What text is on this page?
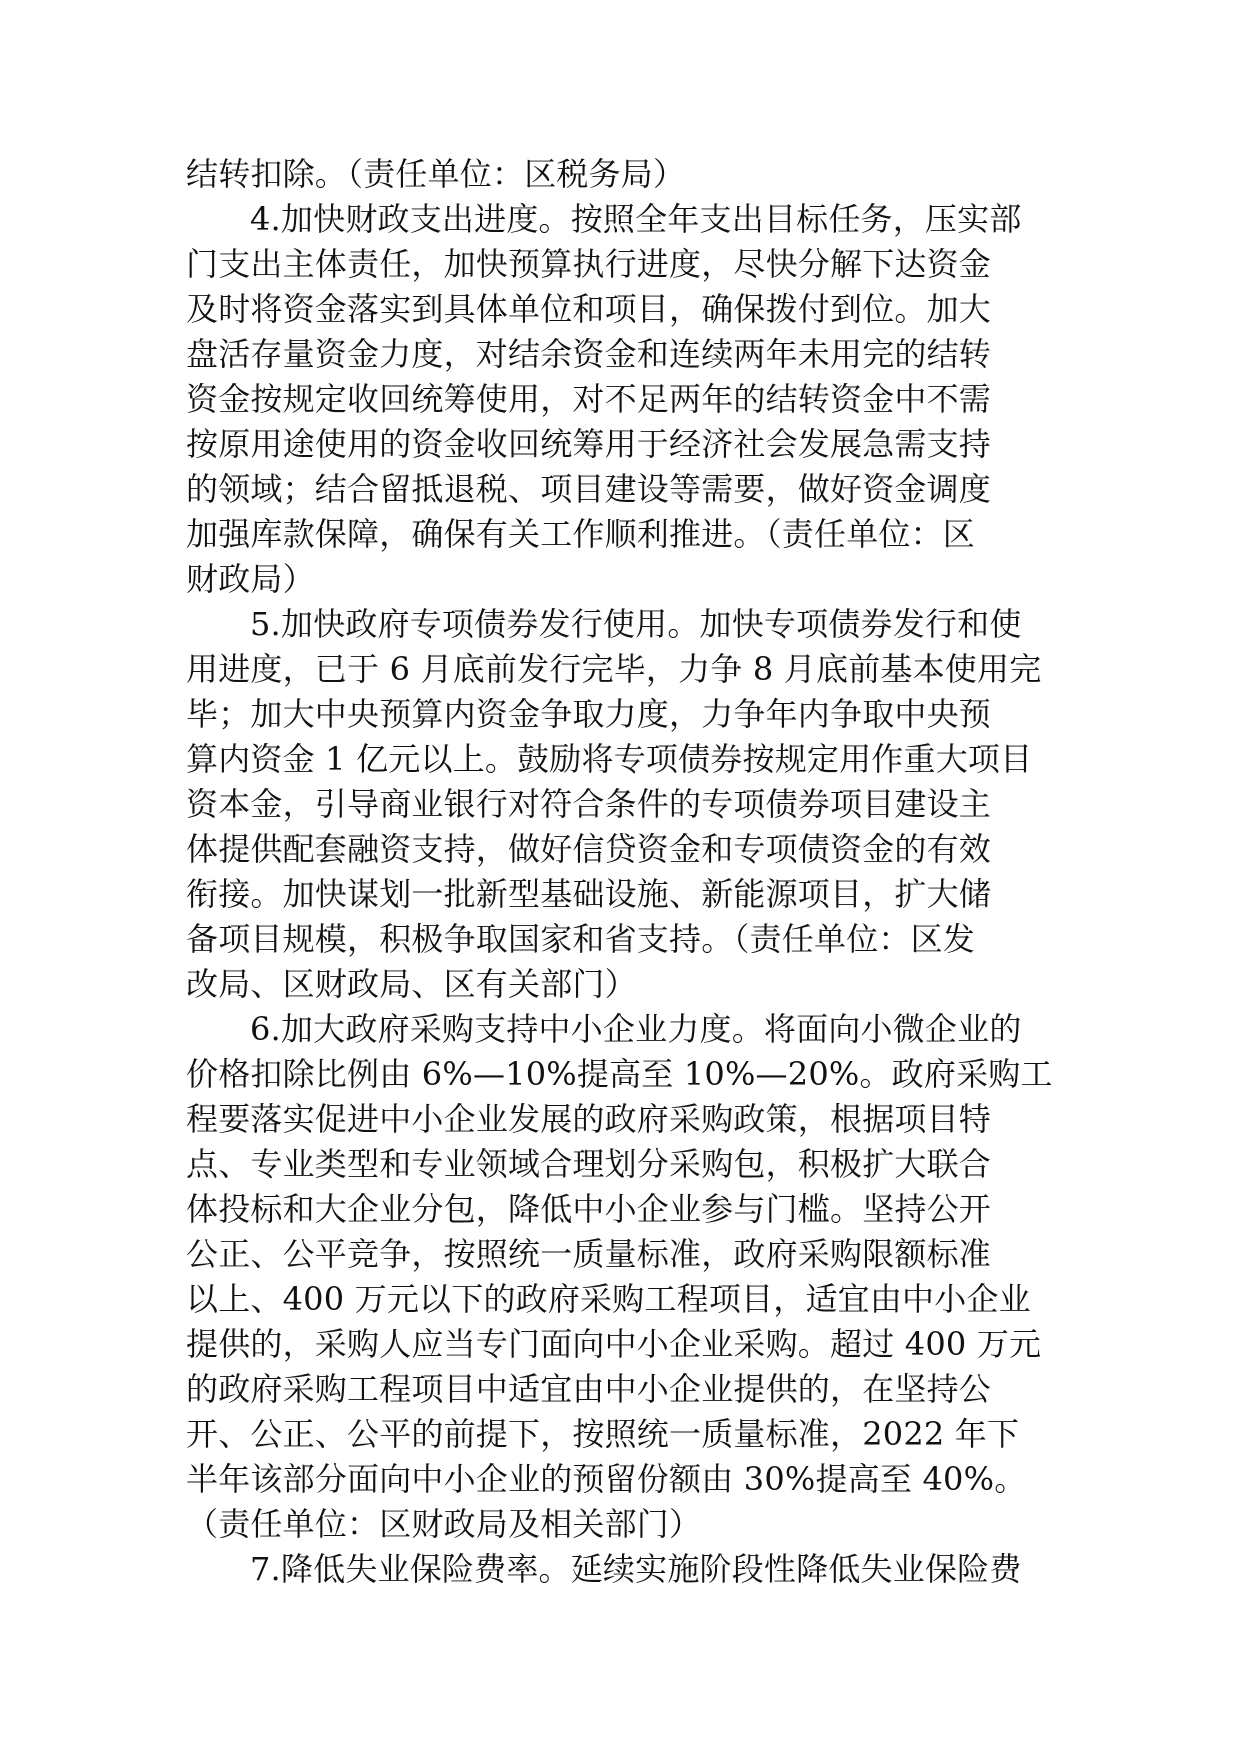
结转扣除。（责任单位：区税务局）
4.加快财政支出进度。按照全年支出目标任务，压实部
门支出主体责任，加快预算执行进度，尽快分解下达资金
及时将资金落实到具体单位和项目，确保拨付到位。加大
盘活存量资金力度，对结余资金和连续两年未用完的结转
资金按规定收回统筹使用，对不足两年的结转资金中不需
按原用途使用的资金收回统筹用于经济社会发展急需支持
的领域；结合留抵退税、项目建设等需要，做好资金调度
加强库款保障，确保有关工作顺利推进。（责任单位：区
财政局）
5.加快政府专项债券发行使用。加快专项债券发行和使
用进度，已于 6 月底前发行完毕，力争 8 月底前基本使用完
毕；加大中央预算内资金争取力度，力争年内争取中央预
算内资金 1 亿元以上。鼓励将专项债券按规定用作重大项目
资本金，引导商业银行对符合条件的专项债券项目建设主
体提供配套融资支持，做好信贷资金和专项债资金的有效
衔接。加快谋划一批新型基础设施、新能源项目，扩大储
备项目规模，积极争取国家和省支持。（责任单位：区发
改局、区财政局、区有关部门）
6.加大政府采购支持中小企业力度。将面向小微企业的
价格扣除比例由 6%—10%提高至 10%—20%。政府采购工
程要落实促进中小企业发展的政府采购政策，根据项目特
点、专业类型和专业领域合理划分采购包，积极扩大联合
体投标和大企业分包，降低中小企业参与门槛。坚持公开
公正、公平竞争，按照统一质量标准，政府采购限额标准
以上、400 万元以下的政府采购工程项目，适宜由中小企业
提供的，采购人应当专门面向中小企业采购。超过 400 万元
的政府采购工程项目中适宜由中小企业提供的，在坚持公
开、公正、公平的前提下，按照统一质量标准，2022 年下
半年该部分面向中小企业的预留份额由 30%提高至 40%。
（责任单位：区财政局及相关部门）
7.降低失业保险费率。延续实施阶段性降低失业保险费
